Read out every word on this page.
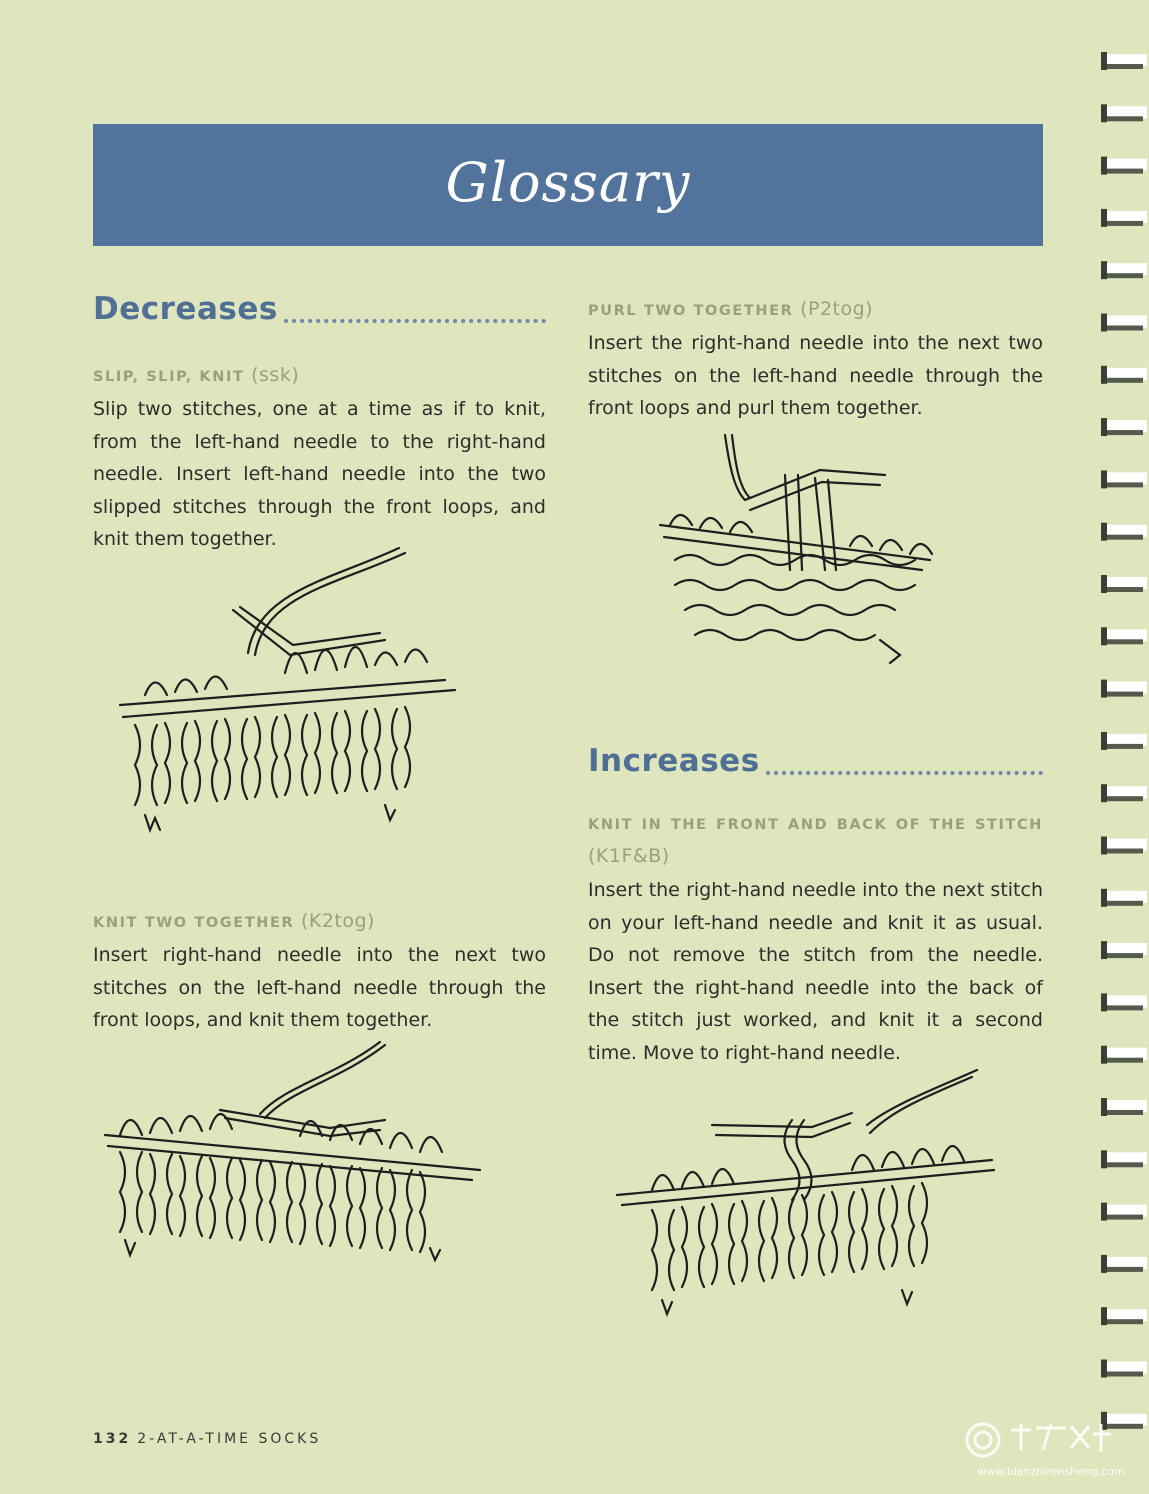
Glossary
Decreases
SLIP, SLIP, KNIT (ssk)
Slip two stitches, one at a time as if to knit, from the left-hand needle to the right-hand needle. Insert left-hand needle into the two slipped stitches through the front loops, and knit them together.
KNIT TWO TOGETHER (K2tog)
Insert right-hand needle into the next two stitches on the left-hand needle through the front loops, and knit them together.
PURL TWO TOGETHER (P2tog)
Insert the right-hand needle into the next two stitches on the left-hand needle through the front loops and purl them together.
Increases
KNIT IN THE FRONT AND BACK OF THE STITCH (K1F&B)
Insert the right-hand needle into the next stitch on your left-hand needle and knit it as usual. Do not remove the stitch from the needle. Insert the right-hand needle into the back of the stitch just worked, and knit it a second time. Move to right-hand needle.
132 2-AT-A-TIME SOCKS
www.bianzhirensheng.com
